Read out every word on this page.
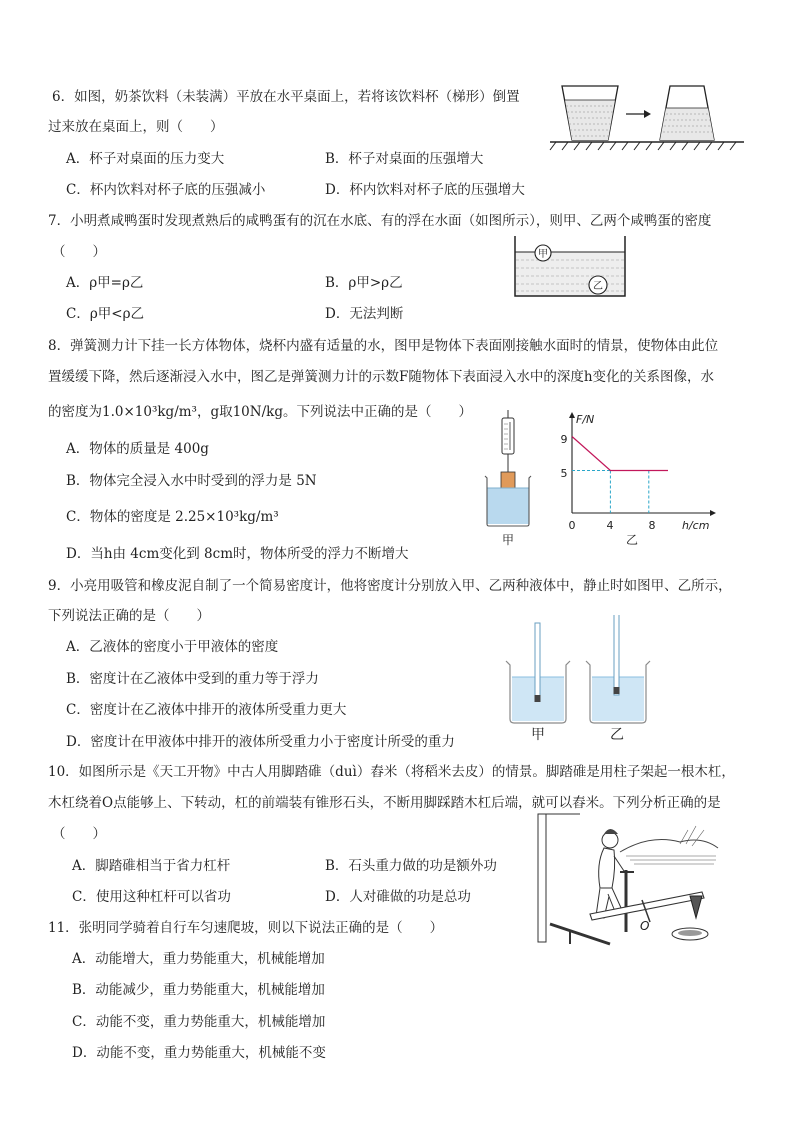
6．如图，奶茶饮料（未装满）平放在水平桌面上，若将该饮料杯（梯形）倒置
过来放在桌面上，则（　　）
A．杯子对桌面的压力变大	B．杯子对桌面的压强增大
C．杯内饮料对杯子底的压强减小	D．杯内饮料对杯子底的压强增大
7．小明煮咸鸭蛋时发现煮熟后的咸鸭蛋有的沉在水底、有的浮在水面（如图所示），则甲、乙两个咸鸭蛋的密度
（　　）
A．ρ甲=ρ乙	B．ρ甲>ρ乙
C．ρ甲<ρ乙	D．无法判断
甲
乙
8．弹簧测力计下挂一长方体物体，烧杯内盛有适量的水，图甲是物体下表面刚接触水面时的情景，使物体由此位
置缓缓下降，然后逐渐浸入水中，图乙是弹簧测力计的示数F随物体下表面浸入水中的深度h变化的关系图像，水
的密度为1.0×10³kg/m³，g取10N/kg。下列说法中正确的是（　　）
A．物体的质量是 400g
B．物体完全浸入水中时受到的浮力是 5N
C．物体的密度是 2.25×10³kg/m³
D．当h由 4cm变化到 8cm时，物体所受的浮力不断增大
甲
F/N
h/cm
9
5
0	4	8
乙
9．小亮用吸管和橡皮泥自制了一个简易密度计，他将密度计分别放入甲、乙两种液体中，静止时如图甲、乙所示，
下列说法正确的是（　　）
A．乙液体的密度小于甲液体的密度
B．密度计在乙液体中受到的重力等于浮力
C．密度计在乙液体中排开的液体所受重力更大
D．密度计在甲液体中排开的液体所受重力小于密度计所受的重力	甲	乙
10．如图所示是《天工开物》中古人用脚踏碓（duì）舂米（将稻米去皮）的情景。脚踏碓是用柱子架起一根木杠，
木杠绕着O点能够上、下转动，杠的前端装有锥形石头，不断用脚踩踏木杠后端，就可以舂米。下列分析正确的是
（　　）
A．脚踏碓相当于省力杠杆	B．石头重力做的功是额外功
C．使用这种杠杆可以省功	D．人对碓做的功是总功
O
11．张明同学骑着自行车匀速爬坡，则以下说法正确的是（　　）
A．动能增大，重力势能重大，机械能增加
B．动能减少，重力势能重大，机械能增加
C．动能不变，重力势能重大，机械能增加
D．动能不变，重力势能重大，机械能不变
